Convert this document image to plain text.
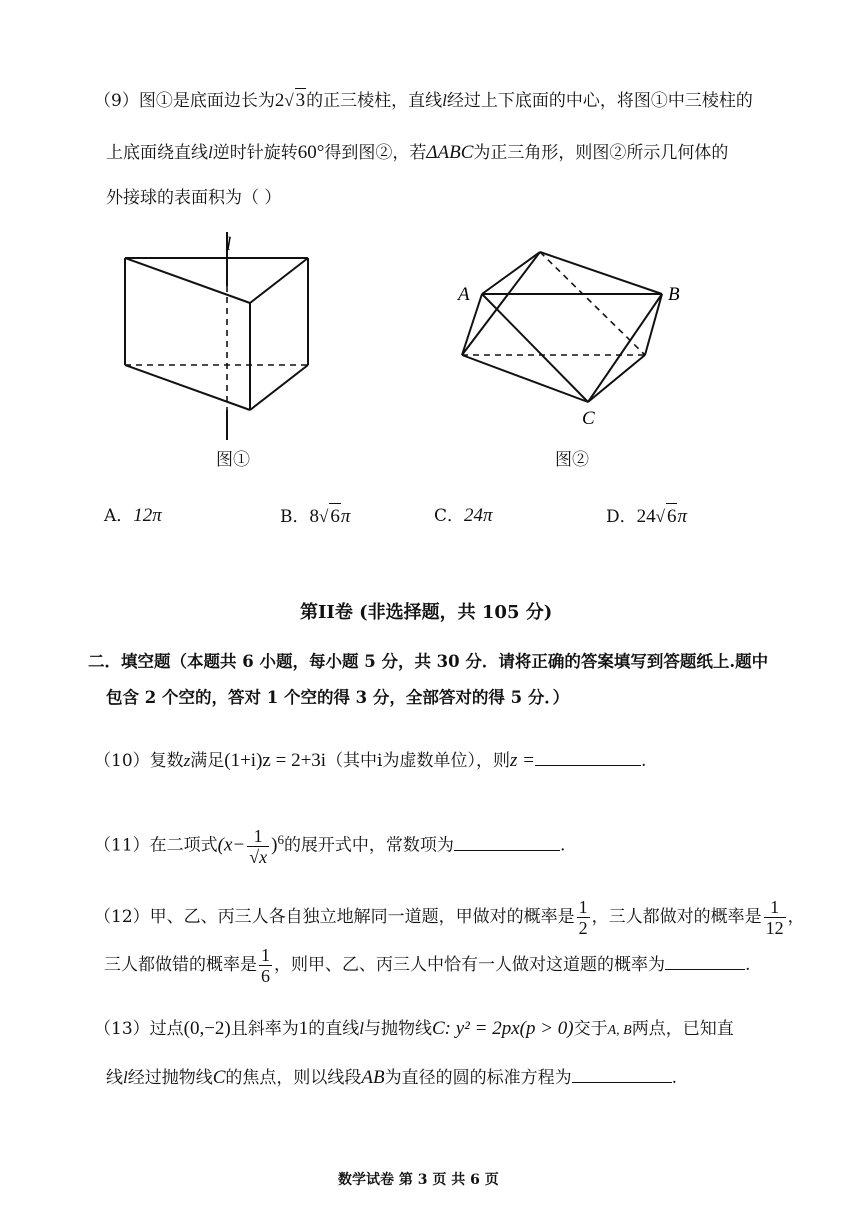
（9）图①是底面边长为2√ 3的正三棱柱，直线l经过上下底面的中心，将图①中三棱柱的
上底面绕直线l逆时针旋转60°得到图②，若ΔABC为正三角形，则图②所示几何体的
外接球的表面积为（ ）
l
图①
A	B
C
图②
A．12π	B．8√ 6π	C．24π	D．24√ 6π
第II卷 (非选择题，共 105 分)
二．填空题（本题共 6 小题，每小题 5 分，共 30 分．请将正确的答案填写到答题纸上.题中
包含 2 个空的，答对 1 个空的得 3 分，全部答对的得 5 分．）
（10）复数z满足(1+i)z = 2+3i（其中i为虚数单位），则z =	.
（11）在二项式$(x- \frac{1}{√x} )^6$的展开式中，常数项为	.
（12）甲、乙、丙三人各自独立地解同一道题，甲做对的概率是 $\frac{1}{2}$ ，三人都做对的概率是 $\frac{1}{12}$ ，
三人都做错的概率是 $\frac{1}{6}$ ，则甲、乙、丙三人中恰有一人做对这道题的概率为	.
（13）过点(0,−2)且斜率为1的直线l与抛物线C: y² = 2px(p > 0)交于A, B两点，已知直
线l经过抛物线C的焦点，则以线段AB为直径的圆的标准方程为	.
数学试卷 第 3 页 共 6 页
